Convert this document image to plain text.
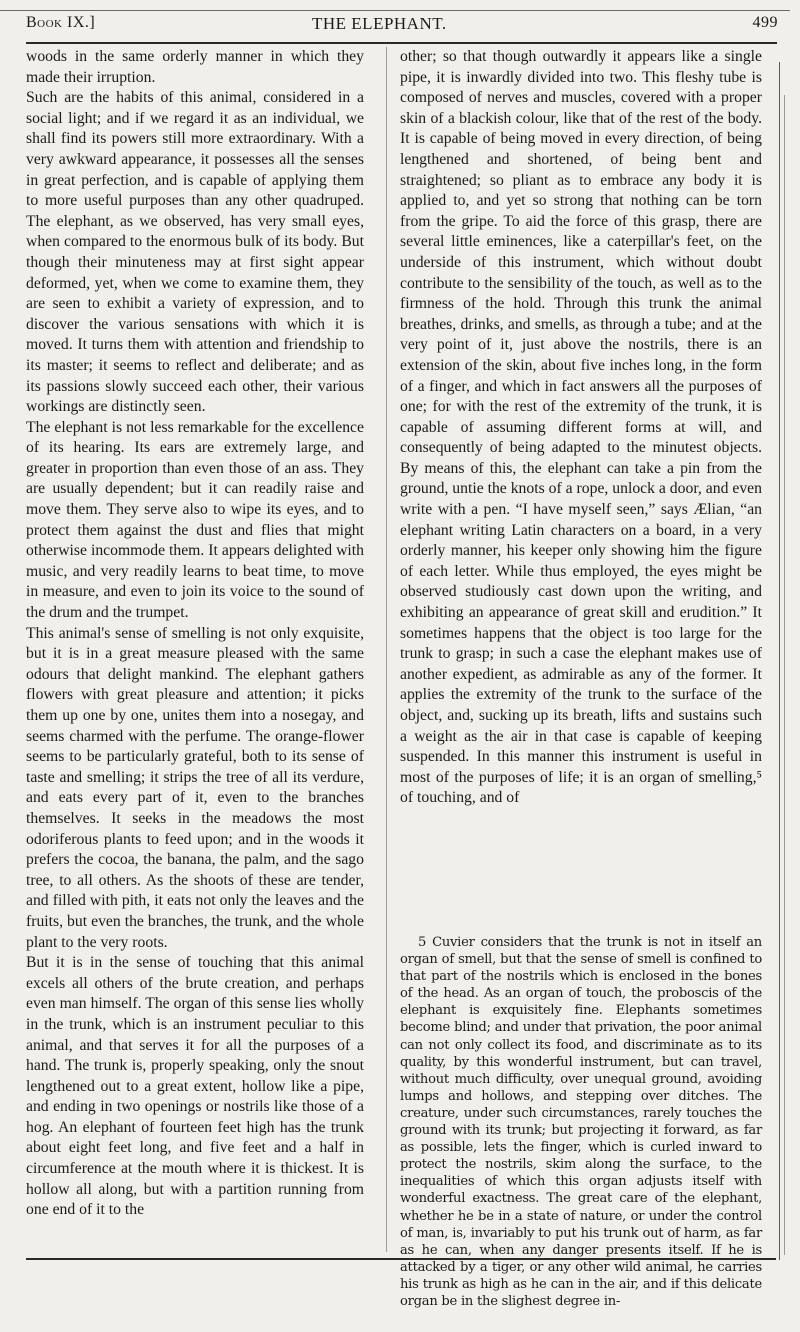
Book IX.]	THE ELEPHANT.	499

woods in the same orderly manner in which they made their irruption.

Such are the habits of this animal, considered in a social light; and if we regard it as an individual, we shall find its powers still more extraordinary. With a very awkward appearance, it possesses all the senses in great perfection, and is capable of applying them to more useful purposes than any other quadruped. The elephant, as we observed, has very small eyes, when compared to the enormous bulk of its body. But though their minuteness may at first sight appear deformed, yet, when we come to examine them, they are seen to exhibit a variety of expression, and to discover the various sensations with which it is moved. It turns them with attention and friendship to its master; it seems to reflect and deliberate; and as its passions slowly succeed each other, their various workings are distinctly seen.

The elephant is not less remarkable for the excellence of its hearing. Its ears are extremely large, and greater in proportion than even those of an ass. They are usually dependent; but it can readily raise and move them. They serve also to wipe its eyes, and to protect them against the dust and flies that might otherwise incommode them. It appears delighted with music, and very readily learns to beat time, to move in measure, and even to join its voice to the sound of the drum and the trumpet.

This animal's sense of smelling is not only exquisite, but it is in a great measure pleased with the same odours that delight mankind. The elephant gathers flowers with great pleasure and attention; it picks them up one by one, unites them into a nosegay, and seems charmed with the perfume. The orange-flower seems to be particularly grateful, both to its sense of taste and smelling; it strips the tree of all its verdure, and eats every part of it, even to the branches themselves. It seeks in the meadows the most odoriferous plants to feed upon; and in the woods it prefers the cocoa, the banana, the palm, and the sago tree, to all others. As the shoots of these are tender, and filled with pith, it eats not only the leaves and the fruits, but even the branches, the trunk, and the whole plant to the very roots.

But it is in the sense of touching that this animal excels all others of the brute creation, and perhaps even man himself. The organ of this sense lies wholly in the trunk, which is an instrument peculiar to this animal, and that serves it for all the purposes of a hand. The trunk is, properly speaking, only the snout lengthened out to a great extent, hollow like a pipe, and ending in two openings or nostrils like those of a hog. An elephant of fourteen feet high has the trunk about eight feet long, and five feet and a half in circumference at the mouth where it is thickest. It is hollow all along, but with a partition running from one end of it to the

other; so that though outwardly it appears like a single pipe, it is inwardly divided into two. This fleshy tube is composed of nerves and muscles, covered with a proper skin of a blackish colour, like that of the rest of the body. It is capable of being moved in every direction, of being lengthened and shortened, of being bent and straightened; so pliant as to embrace any body it is applied to, and yet so strong that nothing can be torn from the gripe. To aid the force of this grasp, there are several little eminences, like a caterpillar's feet, on the underside of this instrument, which without doubt contribute to the sensibility of the touch, as well as to the firmness of the hold. Through this trunk the animal breathes, drinks, and smells, as through a tube; and at the very point of it, just above the nostrils, there is an extension of the skin, about five inches long, in the form of a finger, and which in fact answers all the purposes of one; for with the rest of the extremity of the trunk, it is capable of assuming different forms at will, and consequently of being adapted to the minutest objects. By means of this, the elephant can take a pin from the ground, untie the knots of a rope, unlock a door, and even write with a pen. “I have myself seen,” says Ælian, “an elephant writing Latin characters on a board, in a very orderly manner, his keeper only showing him the figure of each letter. While thus employed, the eyes might be observed studiously cast down upon the writing, and exhibiting an appearance of great skill and erudition.” It sometimes happens that the object is too large for the trunk to grasp; in such a case the elephant makes use of another expedient, as admirable as any of the former. It applies the extremity of the trunk to the surface of the object, and, sucking up its breath, lifts and sustains such a weight as the air in that case is capable of keeping suspended. In this manner this instrument is useful in most of the purposes of life; it is an organ of smelling,⁵ of touching, and of

5 Cuvier considers that the trunk is not in itself an organ of smell, but that the sense of smell is confined to that part of the nostrils which is enclosed in the bones of the head. As an organ of touch, the proboscis of the elephant is exquisitely fine. Elephants sometimes become blind; and under that privation, the poor animal can not only collect its food, and discriminate as to its quality, by this wonderful instrument, but can travel, without much difficulty, over unequal ground, avoiding lumps and hollows, and stepping over ditches. The creature, under such circumstances, rarely touches the ground with its trunk; but projecting it forward, as far as possible, lets the finger, which is curled inward to protect the nostrils, skim along the surface, to the inequalities of which this organ adjusts itself with wonderful exactness. The great care of the elephant, whether he be in a state of nature, or under the control of man, is, invariably to put his trunk out of harm, as far as he can, when any danger presents itself. If he is attacked by a tiger, or any other wild animal, he carries his trunk as high as he can in the air, and if this delicate organ be in the slighest degree in-
